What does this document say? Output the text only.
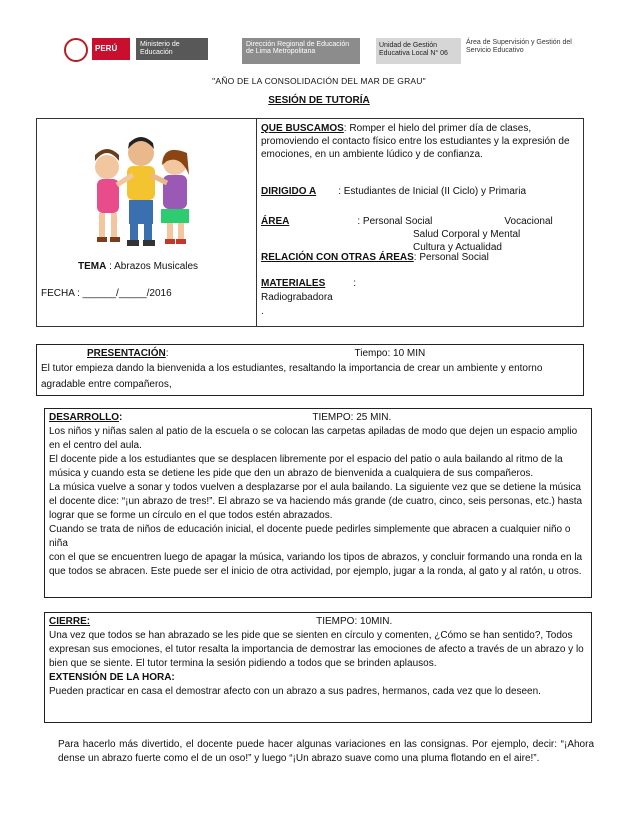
PERÚ	Ministerio de Educación
Dirección Regional de Educación de Lima Metropolitana
Unidad de Gestión Educativa Local N° 06
Área de Supervisión y Gestión del Servicio Educativo
"AÑO DE LA CONSOLIDACIÓN DEL MAR DE GRAU"
SESIÓN DE TUTORÍA
TEMA : Abrazos Musicales
FECHA : ______/_____/2016
QUE BUSCAMOS: Romper el hielo del primer día de clases, promoviendo el contacto físico entre los estudiantes y la expresión de emociones, en un ambiente lúdico y de confianza.
DIRIGIDO A : Estudiantes de Inicial (II Ciclo) y Primaria
ÁREA	: Personal Social	Vocacional
Salud Corporal y Mental
Cultura y Actualidad
RELACIÓN CON OTRAS ÁREAS: Personal Social
MATERIALES	:
Radiograbadora
.

PRESENTACIÓN:	Tiempo: 10 MIN

El tutor empieza dando la bienvenida a los estudiantes, resaltando la importancia de crear un ambiente y entorno agradable entre compañeros,

DESARROLLO:	TIEMPO: 25 MIN.

Los niños y niñas salen al patio de la escuela o se colocan las carpetas apiladas de modo que dejen un espacio amplio en el centro del aula.

El docente pide a los estudiantes que se desplacen libremente por el espacio del patio o aula bailando al ritmo de la música y cuando esta se detiene les pide que den un abrazo de bienvenida a cualquiera de sus compañeros.

La música vuelve a sonar y todos vuelven a desplazarse por el aula bailando. La siguiente vez que se detiene la música el docente dice: “¡un abrazo de tres!”. El abrazo se va haciendo más grande (de cuatro, cinco, seis personas, etc.) hasta lograr que se forme un círculo en el que todos estén abrazados.

Cuando se trata de niños de educación inicial, el docente puede pedirles simplemente que abracen a cualquier niño o niña

con el que se encuentren luego de apagar la música, variando los tipos de abrazos, y concluir formando una ronda en la que todos se abracen. Este puede ser el inicio de otra actividad, por ejemplo, jugar a la ronda, al gato y al ratón, u otros.

CIERRE:	TIEMPO: 10MIN.

Una vez que todos se han abrazado se les pide que se sienten en círculo y comenten, ¿Cómo se han sentido?, Todos expresan sus emociones, el tutor resalta la importancia de demostrar las emociones de afecto a través de un abrazo y lo bien que se siente. El tutor termina la sesión pidiendo a todos que se brinden aplausos.

EXTENSIÓN DE LA HORA:

Pueden practicar en casa el demostrar afecto con un abrazo a sus padres, hermanos, cada vez que lo deseen.

Para hacerlo más divertido, el docente puede hacer algunas variaciones en las consignas. Por ejemplo, decir: “¡Ahora dense un abrazo fuerte como el de un oso!” y luego “¡Un abrazo suave como una pluma flotando en el aire!”.
